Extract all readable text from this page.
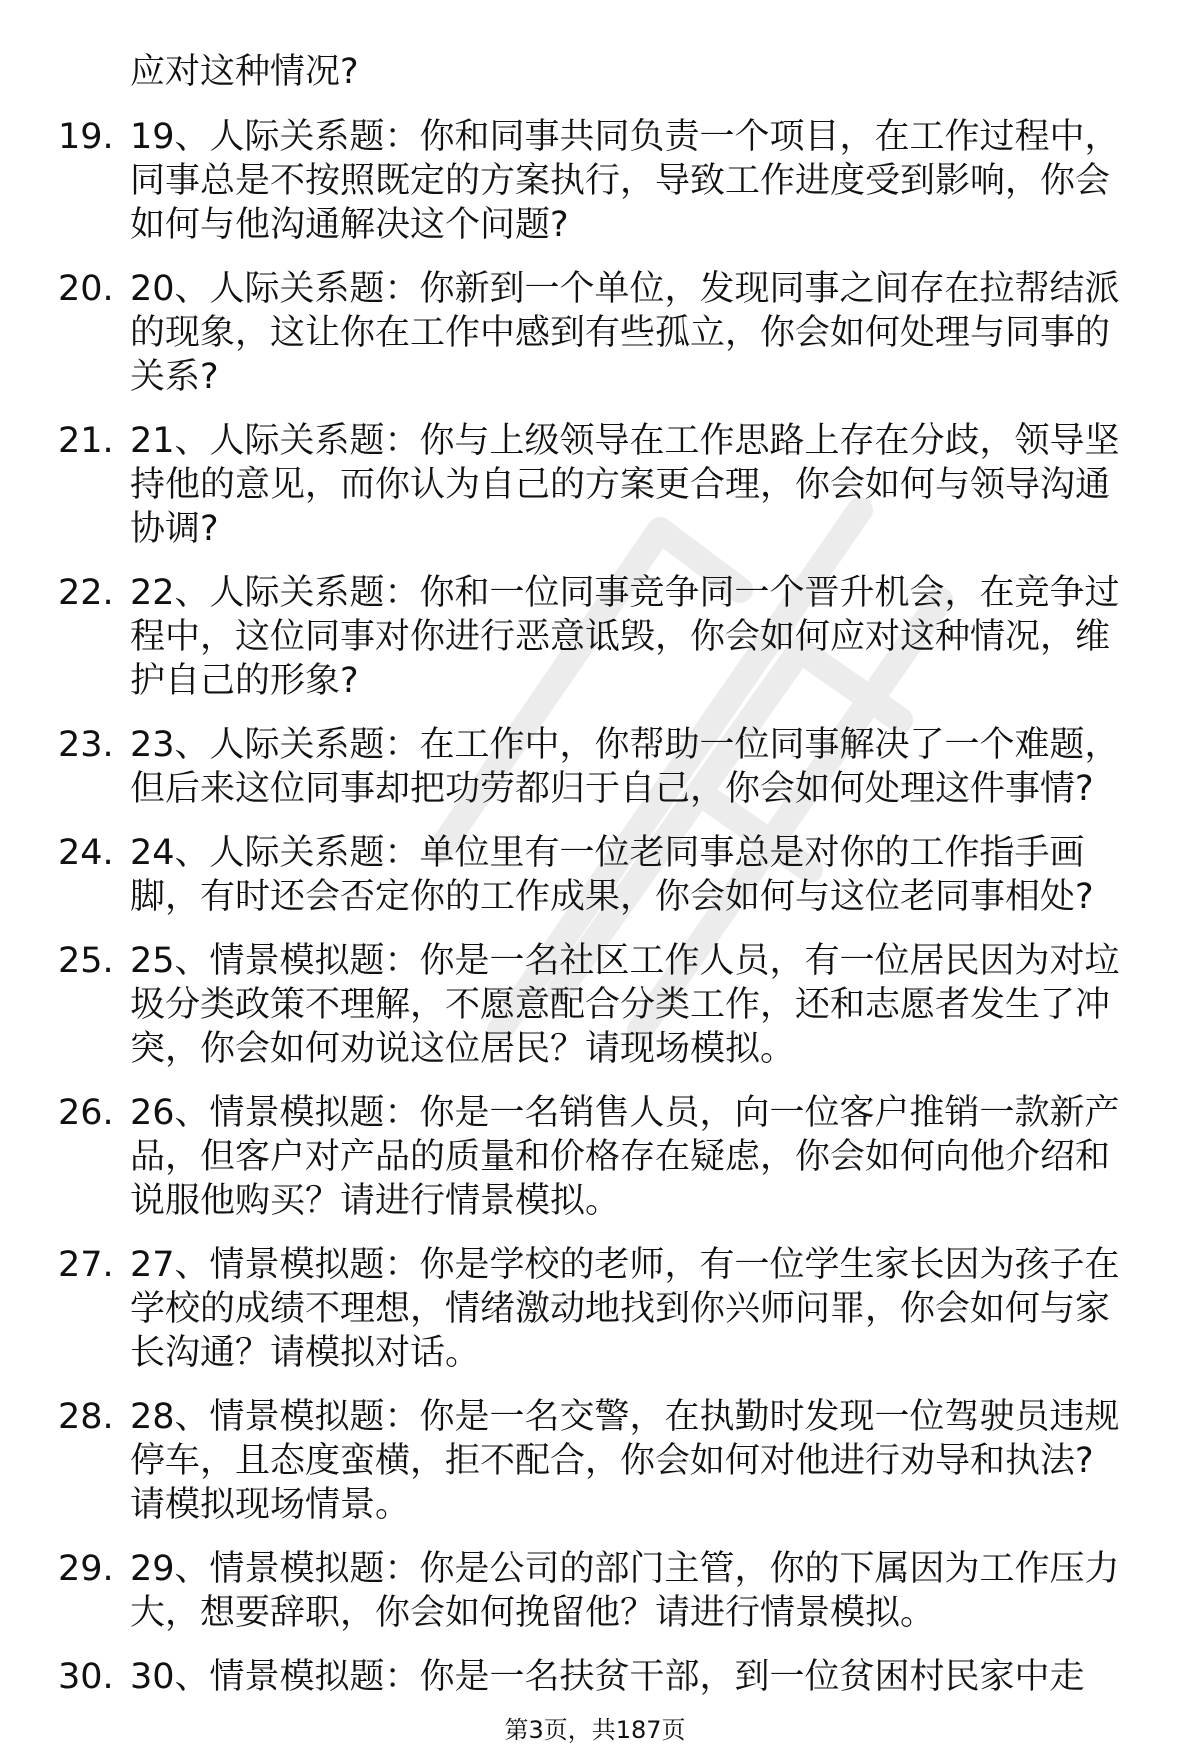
应对这种情况?
19. 19、人际关系题：你和同事共同负责一个项目，在工作过程中，
同事总是不按照既定的方案执行，导致工作进度受到影响，你会
如何与他沟通解决这个问题?
20. 20、人际关系题：你新到一个单位，发现同事之间存在拉帮结派
的现象，这让你在工作中感到有些孤立，你会如何处理与同事的
关系?
21. 21、人际关系题：你与上级领导在工作思路上存在分歧，领导坚
持他的意见，而你认为自己的方案更合理，你会如何与领导沟通
协调?
22. 22、人际关系题：你和一位同事竞争同一个晋升机会，在竞争过
程中，这位同事对你进行恶意诋毁，你会如何应对这种情况，维
护自己的形象?
23. 23、人际关系题：在工作中，你帮助一位同事解决了一个难题，
但后来这位同事却把功劳都归于自己，你会如何处理这件事情?
24. 24、人际关系题：单位里有一位老同事总是对你的工作指手画
脚，有时还会否定你的工作成果，你会如何与这位老同事相处?
25. 25、情景模拟题：你是一名社区工作人员，有一位居民因为对垃
圾分类政策不理解，不愿意配合分类工作，还和志愿者发生了冲
突，你会如何劝说这位居民？请现场模拟。
26. 26、情景模拟题：你是一名销售人员，向一位客户推销一款新产
品，但客户对产品的质量和价格存在疑虑，你会如何向他介绍和
说服他购买？请进行情景模拟。
27. 27、情景模拟题：你是学校的老师，有一位学生家长因为孩子在
学校的成绩不理想，情绪激动地找到你兴师问罪，你会如何与家
长沟通？请模拟对话。
28. 28、情景模拟题：你是一名交警，在执勤时发现一位驾驶员违规
停车，且态度蛮横，拒不配合，你会如何对他进行劝导和执法?
请模拟现场情景。
29. 29、情景模拟题：你是公司的部门主管，你的下属因为工作压力
大，想要辞职，你会如何挽留他？请进行情景模拟。
30. 30、情景模拟题：你是一名扶贫干部，到一位贫困村民家中走
第3页，共187页
